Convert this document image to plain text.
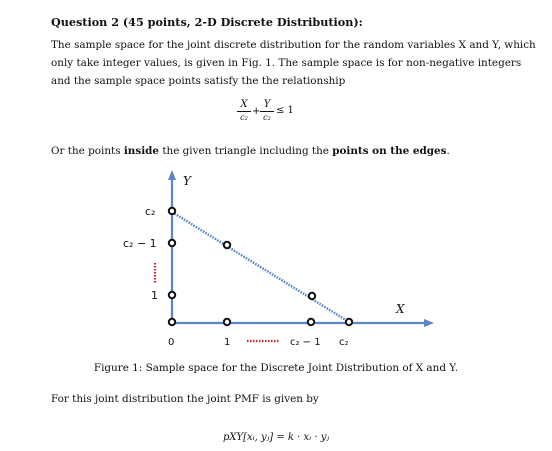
Question 2 (45 points, 2-D Discrete Distribution):
The sample space for the joint discrete distribution for the random variables X and Y, which
only take integer values, is given in Fig. 1. The sample space is for non-negative integers
and the sample space points satisfy the the relationship
X
c₂
+
Y
c₂
≤ 1
Or the points inside the given triangle including the points on the edges.
Y
X
c₂
c₂ − 1
1
0	1	c₂ − 1 c₂
Figure 1: Sample space for the Discrete Joint Distribution of X and Y.
For this joint distribution the joint PMF is given by
pXY[xᵢ, yⱼ] = k · xᵢ · yⱼ
